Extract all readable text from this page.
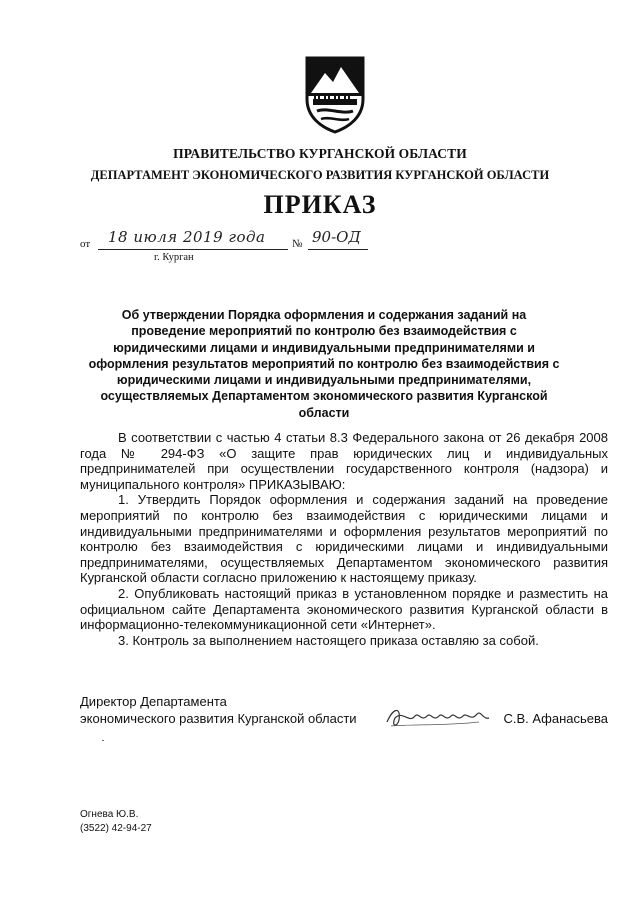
ПРАВИТЕЛЬСТВО КУРГАНСКОЙ ОБЛАСТИ
ДЕПАРТАМЕНТ ЭКОНОМИЧЕСКОГО РАЗВИТИЯ КУРГАНСКОЙ ОБЛАСТИ
ПРИКАЗ
от 18 июля 2019 года № 90-ОД
г. Курган
Об утверждении Порядка оформления и содержания заданий на проведение мероприятий по контролю без взаимодействия с юридическими лицами и индивидуальными предпринимателями и оформления результатов мероприятий по контролю без взаимодействия с юридическими лицами и индивидуальными предпринимателями, осуществляемых Департаментом экономического развития Курганской области

В соответствии с частью 4 статьи 8.3 Федерального закона от 26 декабря 2008 года № 294-ФЗ «О защите прав юридических лиц и индивидуальных предпринимателей при осуществлении государственного контроля (надзора) и муниципального контроля» ПРИКАЗЫВАЮ:

1. Утвердить Порядок оформления и содержания заданий на проведение мероприятий по контролю без взаимодействия с юридическими лицами и индивидуальными предпринимателями и оформления результатов мероприятий по контролю без взаимодействия с юридическими лицами и индивидуальными предпринимателями, осуществляемых Департаментом экономического развития Курганской области согласно приложению к настоящему приказу.

2. Опубликовать настоящий приказ в установленном порядке и разместить на официальном сайте Департамента экономического развития Курганской области в информационно-телекоммуникационной сети «Интернет».

3. Контроль за выполнением настоящего приказа оставляю за собой.

Директор Департамента
экономического развития Курганской области	С.В. Афанасьева
Огнева Ю.В.
(3522) 42-94-27
